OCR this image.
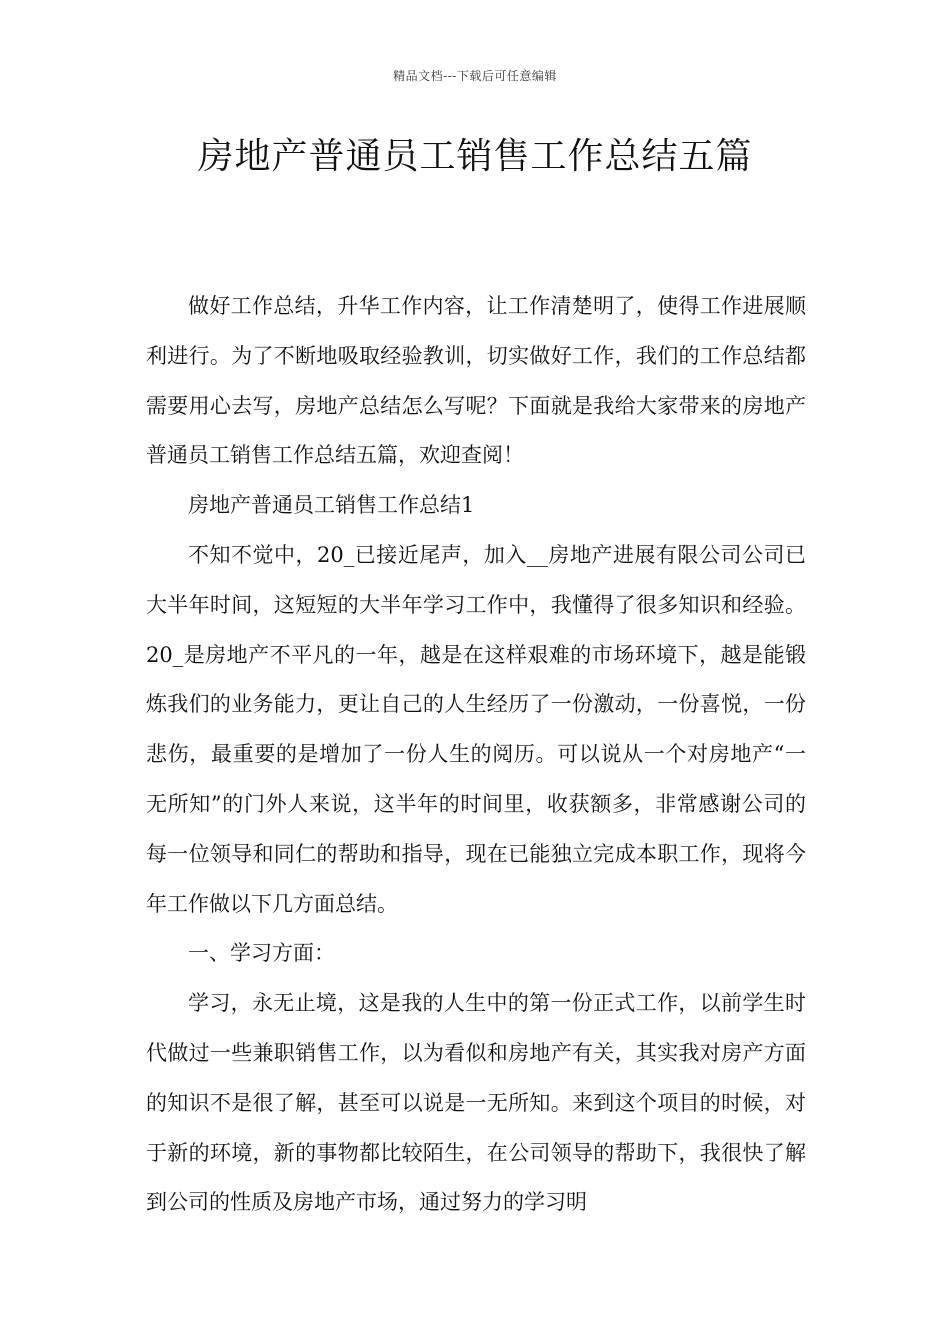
精品文档---下载后可任意编辑
房地产普通员工销售工作总结五篇

做好工作总结，升华工作内容，让工作清楚明了，使得工作进展顺利进行。为了不断地吸取经验教训，切实做好工作，我们的工作总结都需要用心去写，房地产总结怎么写呢？下面就是我给大家带来的房地产普通员工销售工作总结五篇，欢迎查阅！

房地产普通员工销售工作总结1

不知不觉中，20_已接近尾声，加入__房地产进展有限公司公司已大半年时间，这短短的大半年学习工作中，我懂得了很多知识和经验。20_是房地产不平凡的一年，越是在这样艰难的市场环境下，越是能锻炼我们的业务能力，更让自己的人生经历了一份激动，一份喜悦，一份悲伤，最重要的是增加了一份人生的阅历。可以说从一个对房地产“一无所知”的门外人来说，这半年的时间里，收获额多，非常感谢公司的每一位领导和同仁的帮助和指导，现在已能独立完成本职工作，现将今年工作做以下几方面总结。

一、学习方面：

学习，永无止境，这是我的人生中的第一份正式工作，以前学生时代做过一些兼职销售工作，以为看似和房地产有关，其实我对房产方面的知识不是很了解，甚至可以说是一无所知。来到这个项目的时候，对于新的环境，新的事物都比较陌生，在公司领导的帮助下，我很快了解到公司的性质及房地产市场，通过努力的学习明
